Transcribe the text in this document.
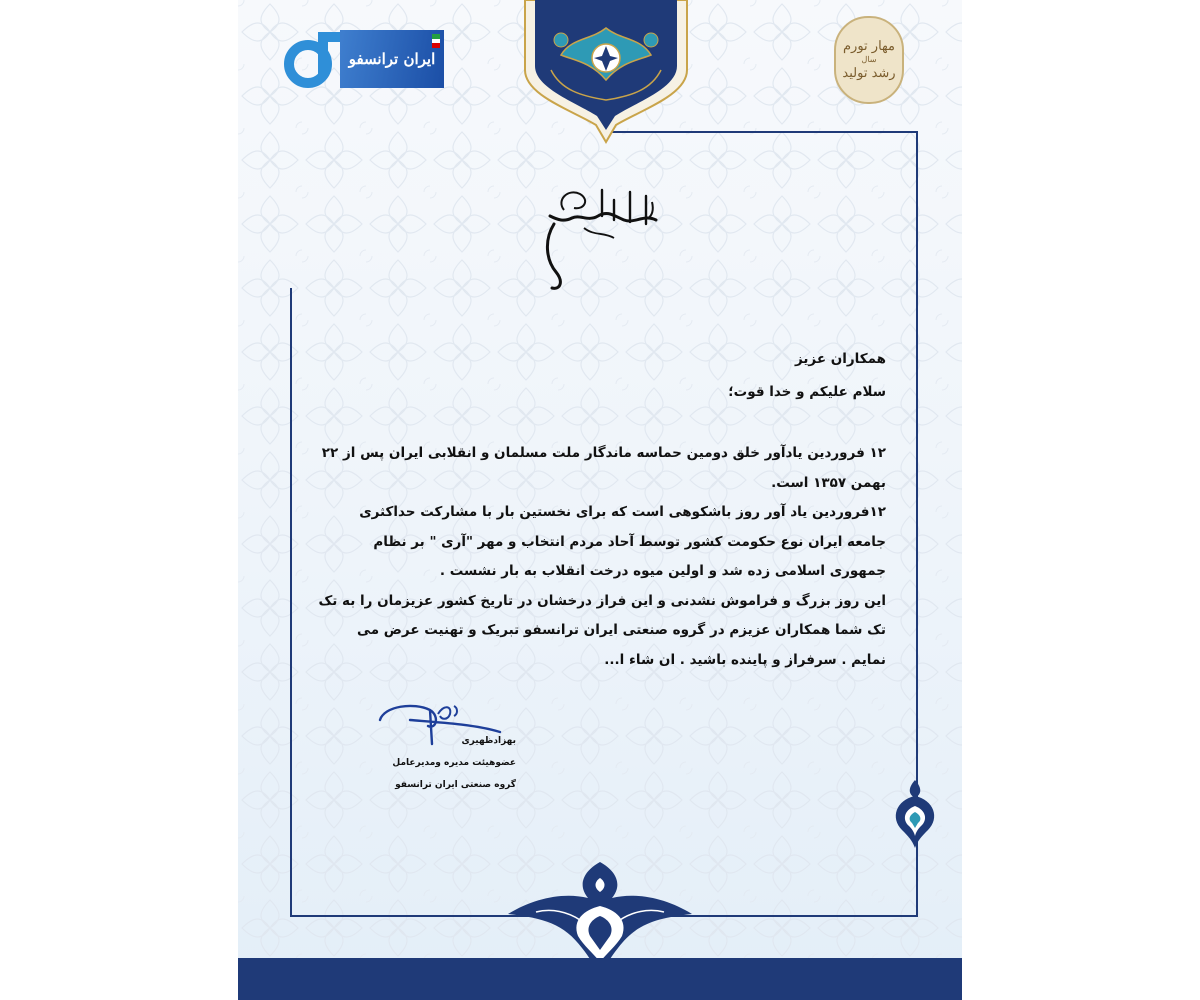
مهار تورم
سال
رشد تولید
ایران ترانسفو

همکاران عزیز

سلام علیکم و خدا قوت؛

۱۲ فروردین یادآور خلق دومین حماسه ماندگار ملت مسلمان و انقلابی ایران پس از ۲۲ بهمن ۱۳۵۷ است.

۱۲فروردین یاد آور روز باشکوهی است که برای نخستین بار با مشارکت حداکثری جامعه ایران نوع حکومت کشور توسط آحاد مردم انتخاب و مهر "آری " بر نظام جمهوری اسلامی زده شد و اولین میوه درخت انقلاب به بار نشست .

این روز بزرگ و فراموش نشدنی و این فراز درخشان در تاریخ کشور عزیزمان را به تک تک شما همکاران عزیزم در گروه صنعتی ایران ترانسفو تبریک و تهنیت عرض می نمایم . سرفراز و پاینده باشید . ان شاء ا...

بهزادظهیری
عضوهیئت مدیره ومدیرعامل
گروه صنعتی ایران ترانسفو
